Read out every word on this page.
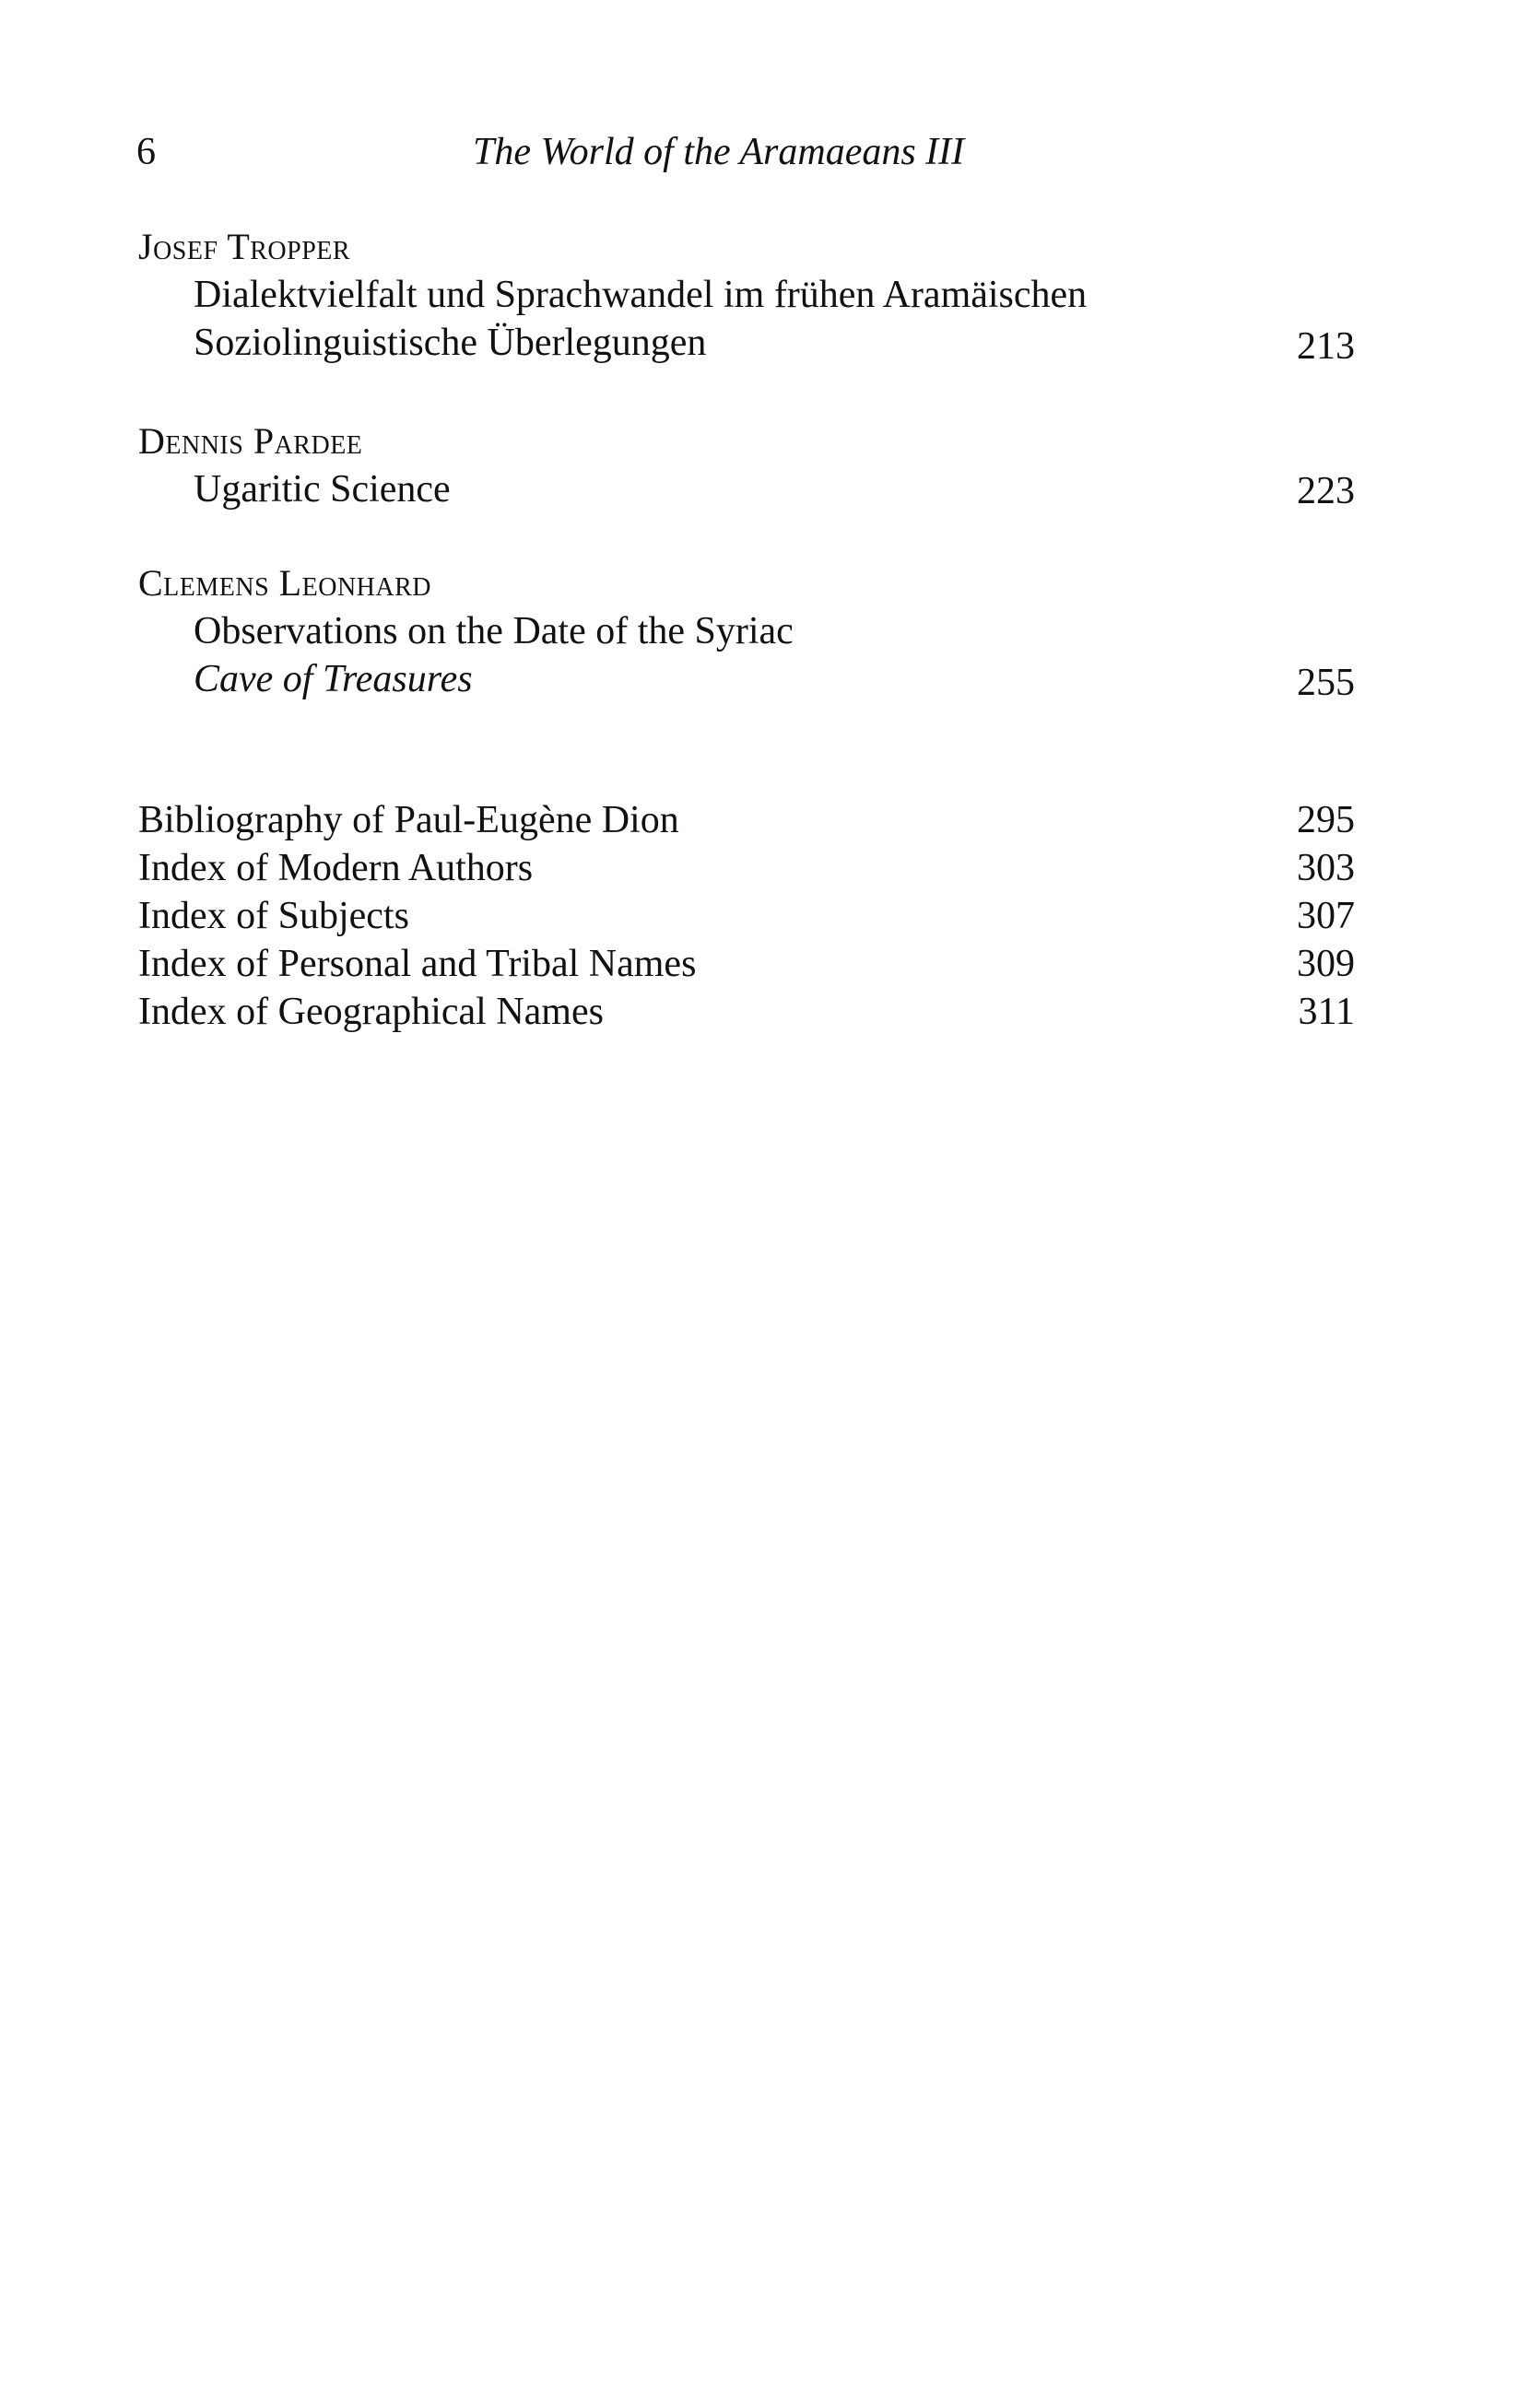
6	The World of the Aramaeans III
Josef Tropper
Dialektvielfalt und Sprachwandel im frühen Aramäischen
Soziolinguistische Überlegungen	213
Dennis Pardee
Ugaritic Science	223
Clemens Leonhard
Observations on the Date of the Syriac
Cave of Treasures	255
Bibliography of Paul-Eugène Dion	295
Index of Modern Authors	303
Index of Subjects	307
Index of Personal and Tribal Names	309
Index of Geographical Names	311
